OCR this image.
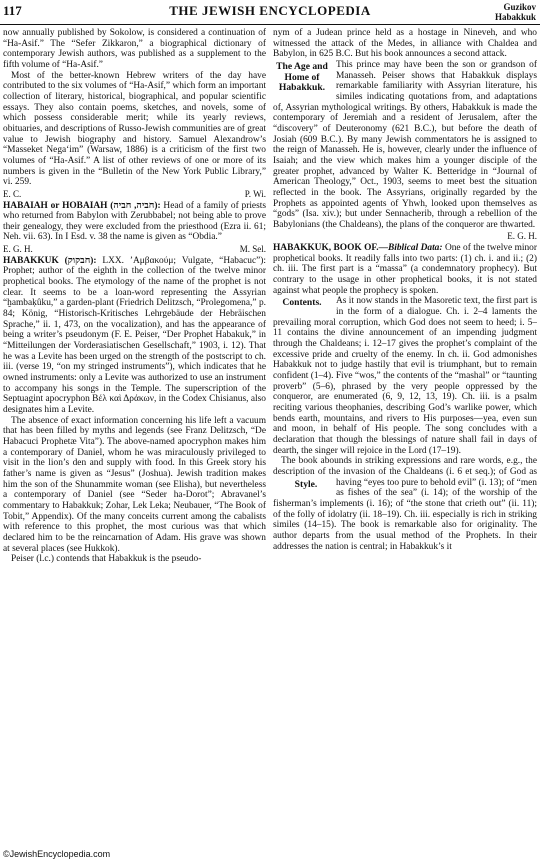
117	THE JEWISH ENCYCLOPEDIA	Guzikov
Habakkuk

now annually published by Sokolow, is considered a continuation of “Ha-Asif.” The “Sefer Zikkaron,” a biographical dictionary of contemporary Jewish authors, was published as a supplement to the fifth volume of “Ha-Asif.”

Most of the better-known Hebrew writers of the day have contributed to the six volumes of “Ha-Asif,” which form an important collection of literary, historical, biographical, and popular scientific essays. They also contain poems, sketches, and novels, some of which possess considerable merit; while its yearly reviews, obituaries, and descriptions of Russo-Jewish communities are of great value to Jewish biography and history. Samuel Alexandrow’s “Masseket Nega‘im” (Warsaw, 1886) is a criticism of the first two volumes of “Ha-Asif.” A list of other reviews of one or more of its numbers is given in the “Bulletin of the New York Public Library,” vi. 259.

E. C.	P. Wi.

HABAIAH or HOBAIAH (חביה, חביה): Head of a family of priests who returned from Babylon with Zerubbabel; not being able to prove their genealogy, they were excluded from the priesthood (Ezra ii. 61; Neh. vii. 63). In I Esd. v. 38 the name is given as “Obdia.”

E. G. H.	M. Sel.

HABAKKUK (חבקוק): LXX. ’Αμβακούμ; Vulgate, “Habacuc”): Prophet; author of the eighth in the collection of the twelve minor prophetical books. The etymology of the name of the prophet is not clear. It seems to be a loan-word representing the Assyrian “ḫambaḳûku,” a garden-plant (Friedrich Delitzsch, “Prolegomena,” p. 84; König, “Historisch-Kritisches Lehrgebäude der Hebräischen Sprache,” ii. 1, 473, on the vocalization), and has the appearance of being a writer’s pseudonym (F. E. Peiser, “Der Prophet Habakuk,” in “Mitteilungen der Vorderasiatischen Gesellschaft,” 1903, i. 12). That he was a Levite has been urged on the strength of the postscript to ch. iii. (verse 19, “on my stringed instruments”), which indicates that he owned instruments: only a Levite was authorized to use an instrument to accompany his songs in the Temple. The superscription of the Septuagint apocryphon Βέλ καὶ Δράκων, in the Codex Chisianus, also designates him a Levite.

The absence of exact information concerning his life left a vacuum that has been filled by myths and legends (see Franz Delitzsch, “De Habacuci Prophetæ Vita”). The above-named apocryphon makes him a contemporary of Daniel, whom he was miraculously privileged to visit in the lion’s den and supply with food. In this Greek story his father’s name is given as “Jesus” (Joshua). Jewish tradition makes him the son of the Shunammite woman (see Elisha), but nevertheless a contemporary of Daniel (see “Seder ha-Dorot”; Abravanel’s commentary to Habakkuk; Zohar, Lek Leka; Neubauer, “The Book of Tobit,” Appendix). Of the many conceits current among the cabalists with reference to this prophet, the most curious was that which declared him to be the reincarnation of Adam. His grave was shown at several places (see Hukkok).

Peiser (l.c.) contends that Habakkuk is the pseudo-

nym of a Judean prince held as a hostage in Nineveh, and who witnessed the attack of the Medes, in alliance with Chaldea and Babylon, in 625 B.C. But his book announces a second attack.

The Age and Home of Habakkuk.
This prince may have been the son or grandson of Manasseh. Peiser shows that Habakkuk displays remarkable familiarity with Assyrian literature, his similes indicating quotations from, and adaptations of, Assyrian mythological writings. By others, Habakkuk is made the contemporary of Jeremiah and a resident of Jerusalem, after the “discovery” of Deuteronomy (621 B.C.), but before the death of Josiah (609 B.C.). By many Jewish commentators he is assigned to the reign of Manasseh. He is, however, clearly under the influence of Isaiah; and the view which makes him a younger disciple of the greater prophet, advanced by Walter K. Betteridge in “Journal of American Theology,” Oct., 1903, seems to meet best the situation reflected in the book. The Assyrians, originally regarded by the Prophets as appointed agents of Yhwh, looked upon themselves as “gods” (Isa. xiv.); but under Sennacherib, through a rebellion of the Babylonians (the Chaldeans), the plans of the conqueror are thwarted.

E. G. H.

HABAKKUK, BOOK OF.—Biblical Data: One of the twelve minor prophetical books. It readily falls into two parts: (1) ch. i. and ii.; (2) ch. iii. The first part is a “massa” (a condemnatory prophecy). But contrary to the usage in other prophetical books, it is not stated against what people the prophecy is spoken.

Contents.	As it now stands in the Masoretic text, the first part is in the form of a dialogue. Ch. i. 2–4 laments the prevailing moral corruption, which God does not seem to heed; i. 5–11 contains the divine announcement of an impending judgment through the Chaldeans; i. 12–17 gives the prophet’s complaint of the excessive pride and cruelty of the enemy. In ch. ii. God admonishes Habakkuk not to judge hastily that evil is triumphant, but to remain confident (1–4). Five “wos,” the contents of the “mashal” or “taunting proverb” (5–6), phrased by the very people oppressed by the conqueror, are enumerated (6, 9, 12, 13, 19). Ch. iii. is a psalm reciting various theophanies, describing God’s warlike power, which bends earth, mountains, and rivers to His purposes—yea, even sun and moon, in behalf of His people. The song concludes with a declaration that though the blessings of nature shall fail in days of dearth, the singer will rejoice in the Lord (17–19).

The book abounds in striking expressions and rare words, e.g., the description of the invasion of the Chaldeans (i. 6 et seq.); of God as having “eyes too pure to behold evil” (i. 13); of “men
Style.
as fishes of the sea” (i. 14); of the worship of the fisherman’s implements (i. 16); of “the stone that crieth out” (ii. 11); of the folly of idolatry (ii. 18–19). Ch. iii. especially is rich in striking similes (14–15). The book is remarkable also for originality. The author departs from the usual method of the Prophets. In their addresses the nation is central; in Habakkuk’s it

©JewishEncyclopedia.com
